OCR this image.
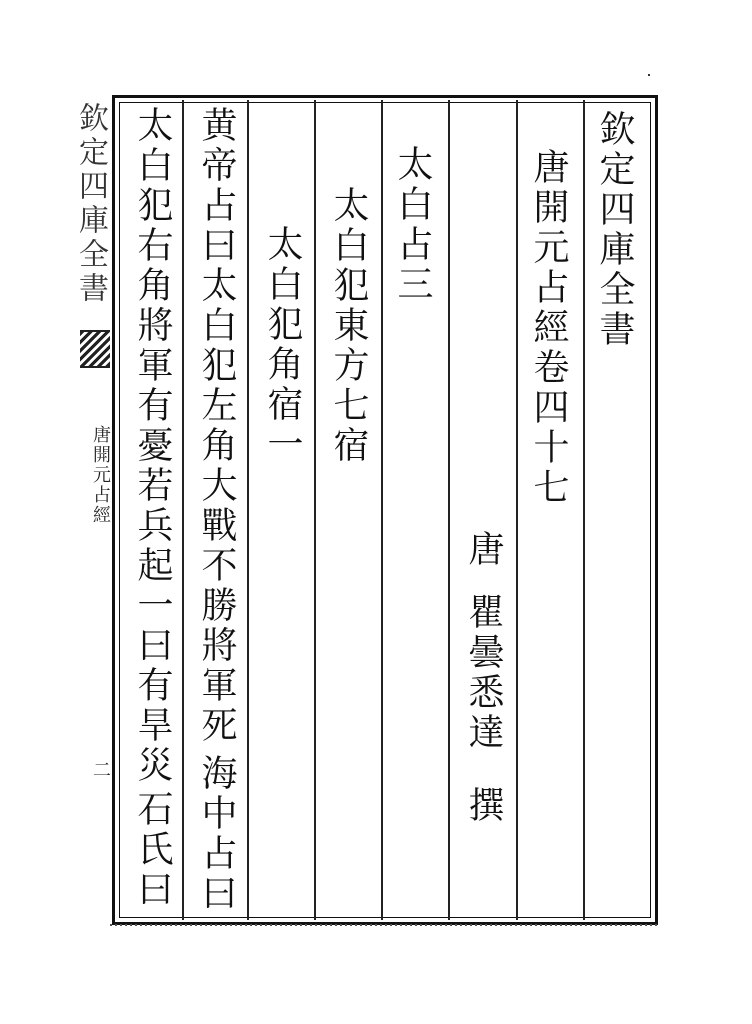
欽定四庫全書
唐開元占經卷四十七
唐
瞿曇悉達
撰
太白占三
太白犯東方七宿
太白犯角宿一
黄帝占曰太白犯左角大戰不勝將軍死
海中占曰
太白犯右角將軍有憂若兵起一曰有旱災
石氏曰
欽定四庫全書
唐開元占經
二
